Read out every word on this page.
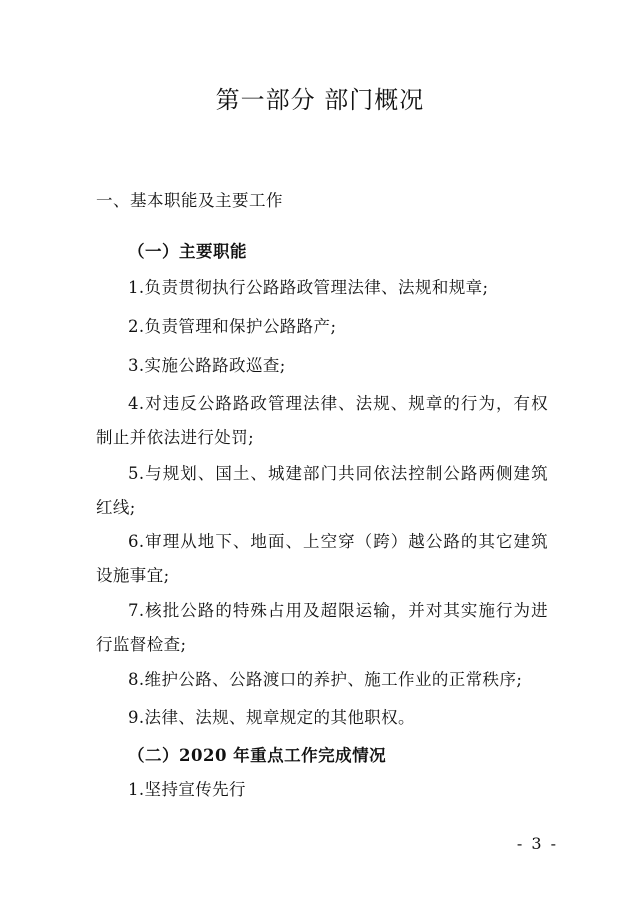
第一部分 部门概况
一、基本职能及主要工作
（一）主要职能
1.负责贯彻执行公路路政管理法律、法规和规章;
2.负责管理和保护公路路产;
3.实施公路路政巡查;
4.对违反公路路政管理法律、法规、规章的行为，有权制止并依法进行处罚;
5.与规划、国土、城建部门共同依法控制公路两侧建筑红线;
6.审理从地下、地面、上空穿（跨）越公路的其它建筑设施事宜;
7.核批公路的特殊占用及超限运输，并对其实施行为进行监督检查;
8.维护公路、公路渡口的养护、施工作业的正常秩序;
9.法律、法规、规章规定的其他职权。
（二）2020 年重点工作完成情况
1.坚持宣传先行
- 3 -
